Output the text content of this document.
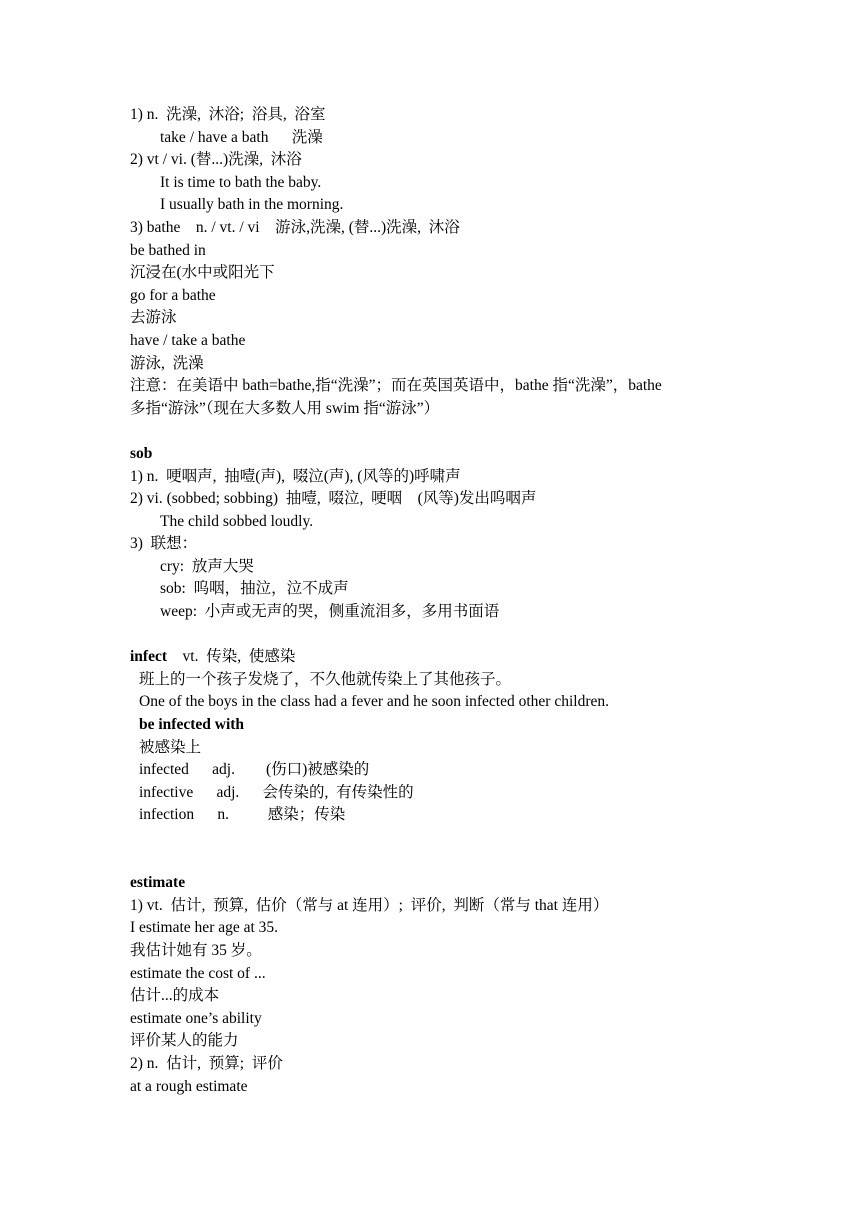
1) n.  洗澡,  沐浴;  浴具,  浴室
take / have a bath      洗澡
2) vt / vi. (替...)洗澡,  沐浴
It is time to bath the baby.
I usually bath in the morning.
3) bathe    n. / vt. / vi    游泳,洗澡, (替...)洗澡,  沐浴
be bathed in
沉浸在(水中或阳光下
go for a bathe
去游泳
have / take a bathe
游泳,  洗澡
注意：在美语中 bath=bathe,指“洗澡”；而在英国英语中，bathe 指“洗澡”，bathe
多指“游泳”（现在大多数人用 swim 指“游泳”）
sob
1) n.  哽咽声,  抽噎(声),  啜泣(声), (风等的)呼啸声
2) vi. (sobbed; sobbing)  抽噎,  啜泣,  哽咽    (风等)发出呜咽声
The child sobbed loudly.
3)  联想：
cry:  放声大哭
sob:  呜咽，抽泣，泣不成声
weep:  小声或无声的哭，侧重流泪多，多用书面语
infect    vt.  传染,  使感染
班上的一个孩子发烧了，不久他就传染上了其他孩子。
One of the boys in the class had a fever and he soon infected other children.
be infected with
被感染上
infected      adj.        (伤口)被感染的
infective      adj.      会传染的,  有传染性的
infection      n.          感染；传染
estimate
1) vt.  估计,  预算,  估价（常与 at 连用）;  评价,  判断（常与 that 连用）
I estimate her age at 35.
我估计她有 35 岁。
estimate the cost of ...
估计...的成本
estimate one’s ability
评价某人的能力
2) n.  估计,  预算;  评价
at a rough estimate
